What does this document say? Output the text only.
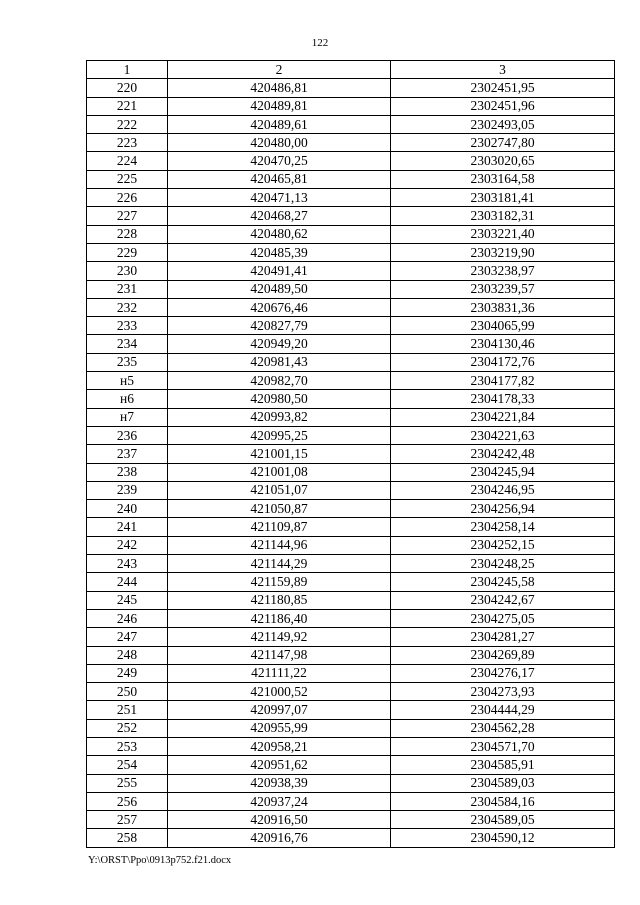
122
1	2	3
220	420486,81	2302451,95
221	420489,81	2302451,96
222	420489,61	2302493,05
223	420480,00	2302747,80
224	420470,25	2303020,65
225	420465,81	2303164,58
226	420471,13	2303181,41
227	420468,27	2303182,31
228	420480,62	2303221,40
229	420485,39	2303219,90
230	420491,41	2303238,97
231	420489,50	2303239,57
232	420676,46	2303831,36
233	420827,79	2304065,99
234	420949,20	2304130,46
235	420981,43	2304172,76
н5	420982,70	2304177,82
н6	420980,50	2304178,33
н7	420993,82	2304221,84
236	420995,25	2304221,63
237	421001,15	2304242,48
238	421001,08	2304245,94
239	421051,07	2304246,95
240	421050,87	2304256,94
241	421109,87	2304258,14
242	421144,96	2304252,15
243	421144,29	2304248,25
244	421159,89	2304245,58
245	421180,85	2304242,67
246	421186,40	2304275,05
247	421149,92	2304281,27
248	421147,98	2304269,89
249	421111,22	2304276,17
250	421000,52	2304273,93
251	420997,07	2304444,29
252	420955,99	2304562,28
253	420958,21	2304571,70
254	420951,62	2304585,91
255	420938,39	2304589,03
256	420937,24	2304584,16
257	420916,50	2304589,05
258	420916,76	2304590,12
Y:\ORST\Ppo\0913p752.f21.docx
